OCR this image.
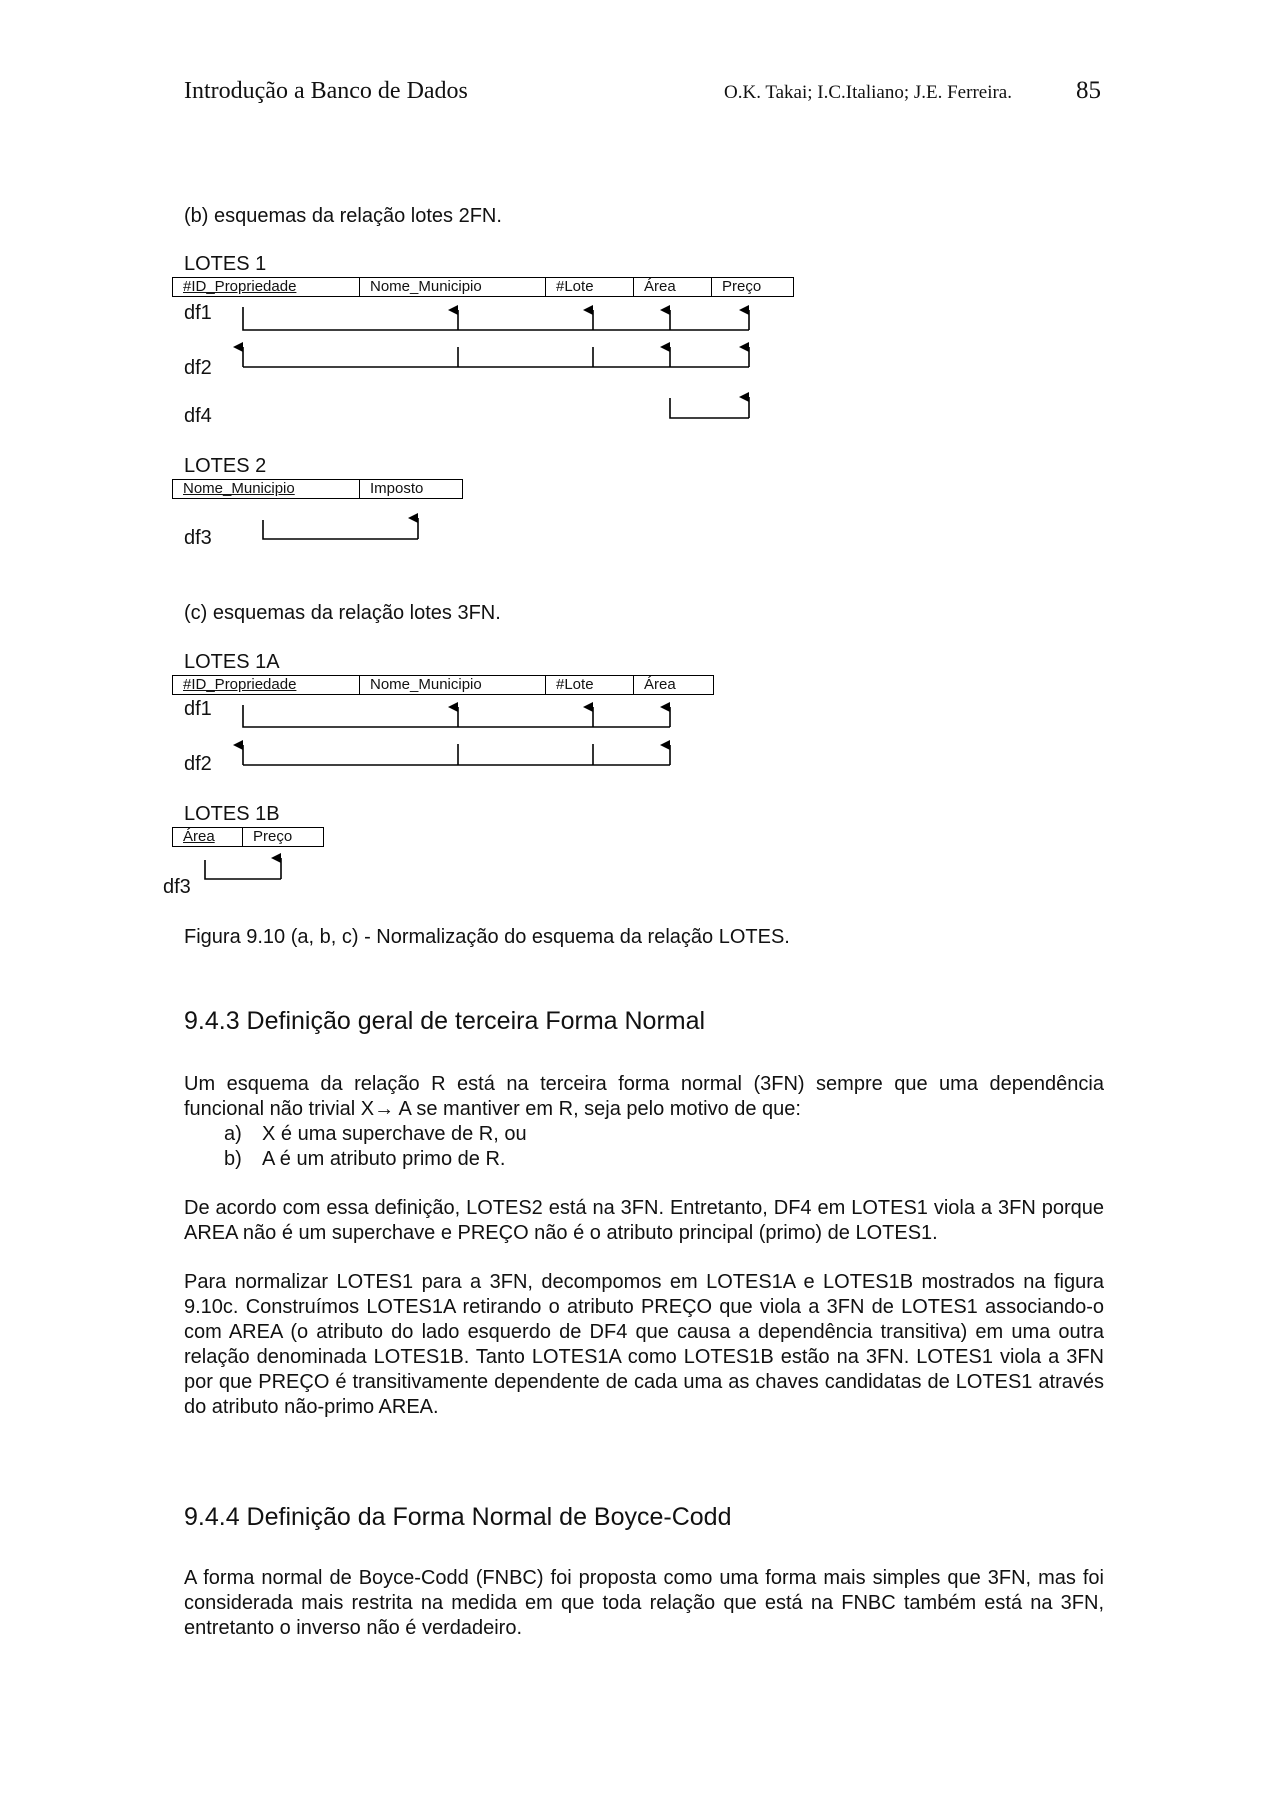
Introdução a Banco de Dados	O.K. Takai; I.C.Italiano; J.E. Ferreira.	85
(b) esquemas da relação lotes 2FN.
LOTES 1
#ID_Propriedade	Nome_Municipio	#Lote	Área	Preço
df1
df2
df4
LOTES 2
Nome_Municipio	Imposto
df3
(c) esquemas da relação lotes 3FN.
LOTES 1A
#ID_Propriedade	Nome_Municipio	#Lote	Área
df1
df2
LOTES 1B
Área	Preço
df3
Figura 9.10 (a, b, c) - Normalização do esquema da relação LOTES.
9.4.3 Definição geral de terceira Forma Normal

Um esquema da relação R está na terceira forma normal (3FN) sempre que uma dependência funcional não trivial X→ A se mantiver em R, seja pelo motivo de que:

a) X é uma superchave de R, ou
b) A é um atributo primo de R.

De acordo com essa definição, LOTES2 está na 3FN. Entretanto, DF4 em LOTES1 viola a 3FN porque AREA não é um superchave e PREÇO não é o atributo principal (primo) de LOTES1.

Para normalizar LOTES1 para a 3FN, decompomos em LOTES1A e LOTES1B mostrados na figura 9.10c. Construímos LOTES1A retirando o atributo PREÇO que viola a 3FN de LOTES1 associando-o com AREA (o atributo do lado esquerdo de DF4 que causa a dependência transitiva) em uma outra relação denominada LOTES1B. Tanto LOTES1A como LOTES1B estão na 3FN. LOTES1 viola a 3FN por que PREÇO é transitivamente dependente de cada uma as chaves candidatas de LOTES1 através do atributo não-primo AREA.

9.4.4 Definição da Forma Normal de Boyce-Codd

A forma normal de Boyce-Codd (FNBC) foi proposta como uma forma mais simples que 3FN, mas foi considerada mais restrita na medida em que toda relação que está na FNBC também está na 3FN, entretanto o inverso não é verdadeiro.
